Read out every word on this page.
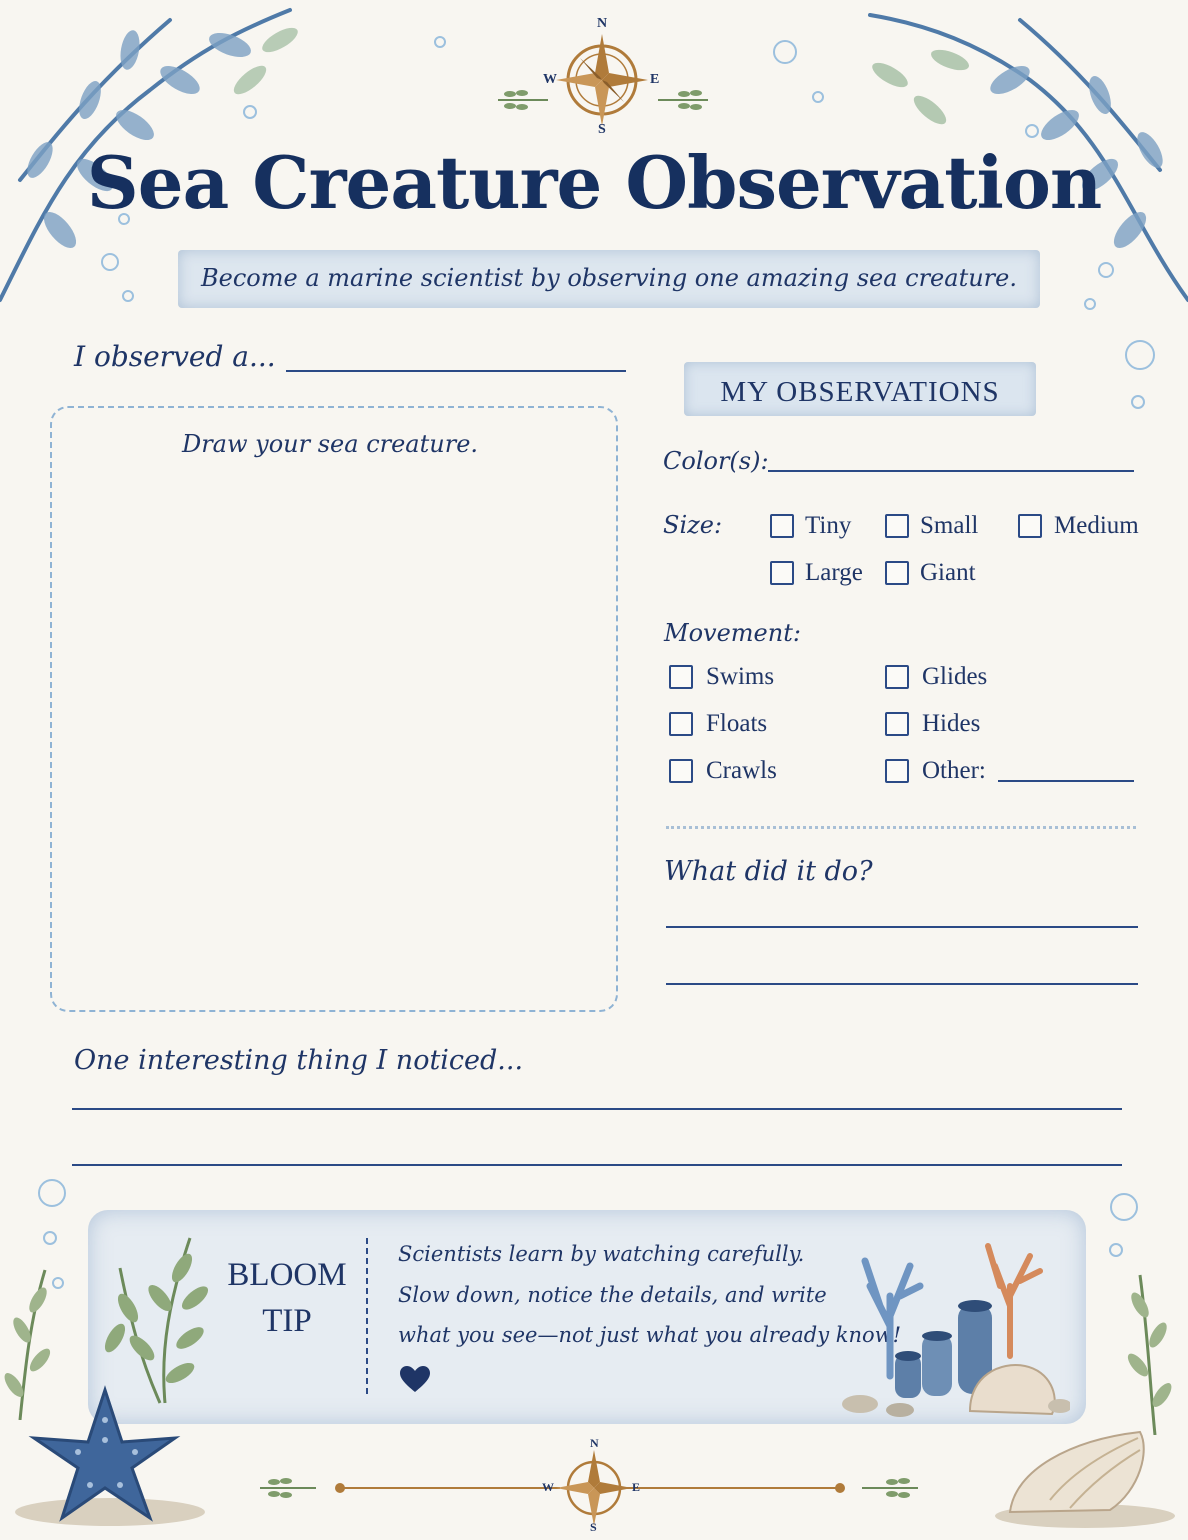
N
S
W	E
Sea Creature Observation
Become a marine scientist by observing one amazing sea creature.
I observed a...
Draw your sea creature.
MY OBSERVATIONS
Color(s):
Size:	Tiny	Small	Medium
Large Giant
Movement:
Swims	Glides
Floats	Hides
Crawls	Other:
What did it do?
One interesting thing I noticed...
BLOOM
TIP
Scientists learn by watching carefully.
Slow down, notice the details, and write
what you see—not just what you already know!
N
S
W	E
